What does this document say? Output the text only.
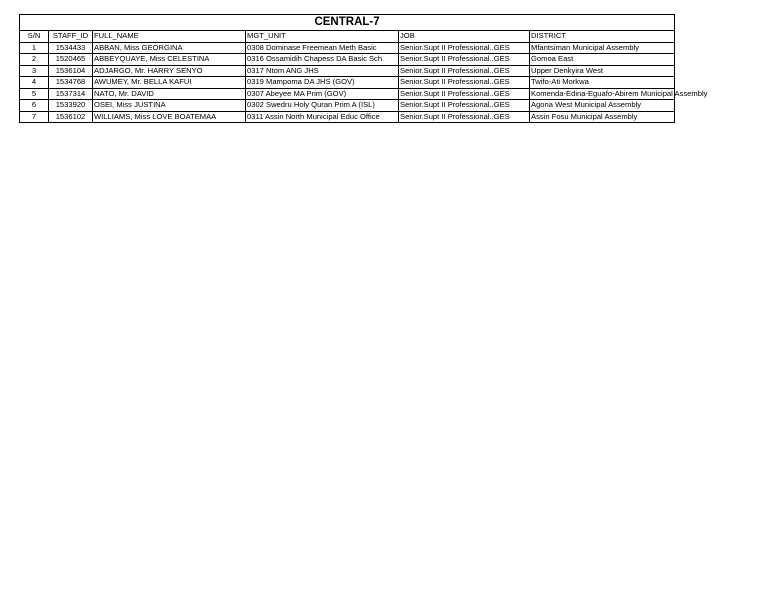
CENTRAL-7					
S/N	STAFF_ID	FULL_NAME	MGT_UNIT	JOB	DISTRICT
1	1534433	ABBAN, Miss GEORGINA	0308 Dominase Freemean Meth Basic	Senior.Supt II Professional..GES	Mfantsiman Municipal Assembly

2	1520465	ABBEYQUAYE, Miss CELESTINA	0316 Ossamidih Chapess DA Basic Sch	Senior.Supt II Professional..GES	Gomoa East

3	1536104	ADJARGO, Mr. HARRY SENYO	0317 Ntom ANG JHS	Senior.Supt II Professional..GES	Upper Denkyira West

4	1534768	AWUMEY, Mr. BELLA KAFUI	0319 Mampoma DA JHS (GOV)	Senior.Supt II Professional..GES	Twifo-Ati Morkwa

5	1537314	NATO, Mr. DAVID	0307 Abeyee MA Prim (GOV)	Senior.Supt II Professional..GES	Komenda-Edina-Eguafo-Abirem Municipal Assembly

6	1533920	OSEI, Miss JUSTINA	0302 Swedru Holy Quran Prim A (ISL)	Senior.Supt II Professional..GES	Agona West Municipal Assembly

7	1536102	WILLIAMS, Miss LOVE BOATEMAA	0311 Assin North Municipal Educ Office	Senior.Supt II Professional..GES	Assin Fosu Municipal Assembly
